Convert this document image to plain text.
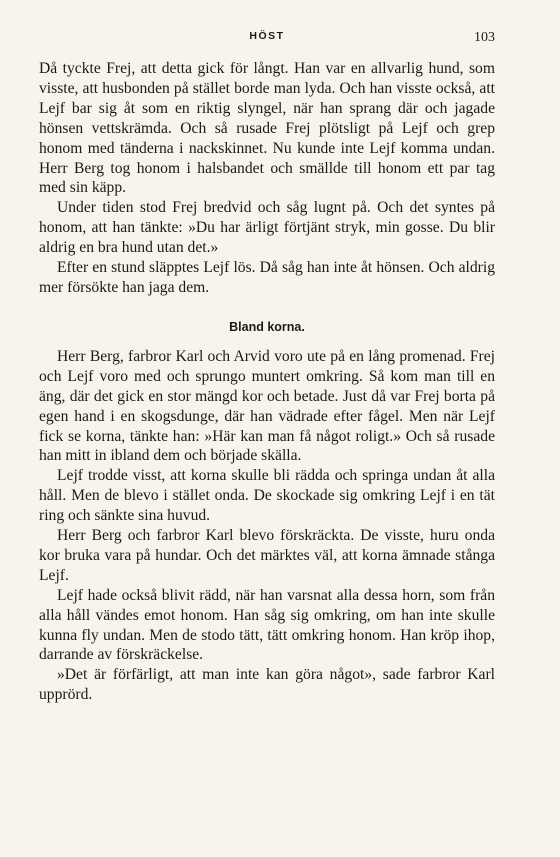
HÖST	103

Då tyckte Frej, att detta gick för långt. Han var en allvarlig hund, som visste, att husbonden på stället borde man lyda. Och han visste också, att Lejf bar sig åt som en riktig slyngel, när han sprang där och jagade hönsen vettskrämda. Och så rusade Frej plötsligt på Lejf och grep honom med tänderna i nackskinnet. Nu kunde inte Lejf komma undan. Herr Berg tog honom i halsbandet och smällde till honom ett par tag med sin käpp.

Under tiden stod Frej bredvid och såg lugnt på. Och det syntes på honom, att han tänkte: »Du har ärligt förtjänt stryk, min gosse. Du blir aldrig en bra hund utan det.»

Efter en stund släpptes Lejf lös. Då såg han inte åt hönsen. Och aldrig mer försökte han jaga dem.

Bland korna.

Herr Berg, farbror Karl och Arvid voro ute på en lång promenad. Frej och Lejf voro med och sprungo muntert omkring. Så kom man till en äng, där det gick en stor mängd kor och betade. Just då var Frej borta på egen hand i en skogsdunge, där han vädrade efter fågel. Men när Lejf fick se korna, tänkte han: »Här kan man få något roligt.» Och så rusade han mitt in ibland dem och började skälla.

Lejf trodde visst, att korna skulle bli rädda och springa undan åt alla håll. Men de blevo i stället onda. De skockade sig omkring Lejf i en tät ring och sänkte sina huvud.

Herr Berg och farbror Karl blevo förskräckta. De visste, huru onda kor bruka vara på hundar. Och det märktes väl, att korna ämnade stånga Lejf.

Lejf hade också blivit rädd, när han varsnat alla dessa horn, som från alla håll vändes emot honom. Han såg sig omkring, om han inte skulle kunna fly undan. Men de stodo tätt, tätt omkring honom. Han kröp ihop, darrande av förskräckelse.

»Det är förfärligt, att man inte kan göra något», sade farbror Karl upprörd.
